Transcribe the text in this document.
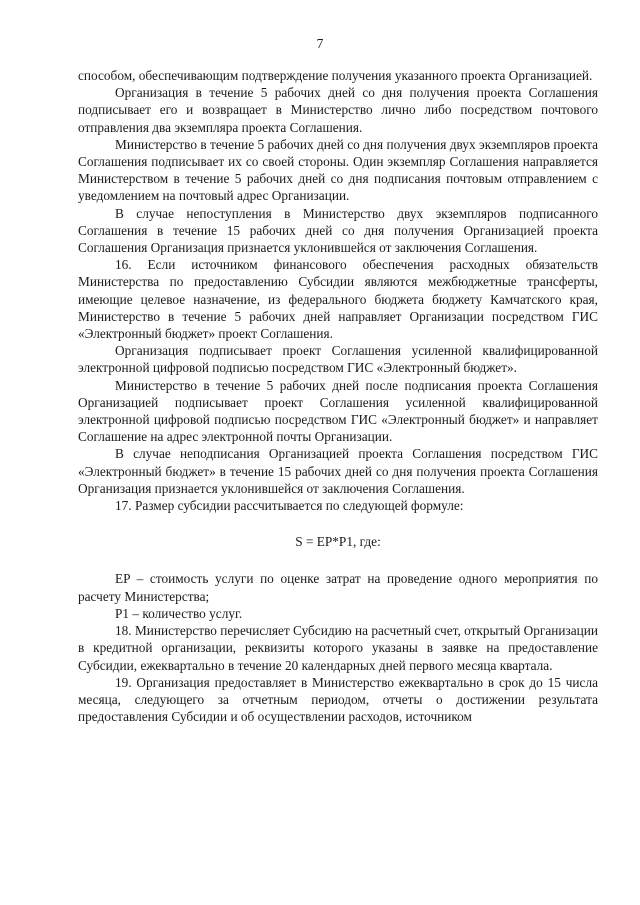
7

способом, обеспечивающим подтверждение получения указанного проекта Организацией.

Организация в течение 5 рабочих дней со дня получения проекта Соглашения подписывает его и возвращает в Министерство лично либо посредством почтового отправления два экземпляра проекта Соглашения.

Министерство в течение 5 рабочих дней со дня получения двух экземпляров проекта Соглашения подписывает их со своей стороны. Один экземпляр Соглашения направляется Министерством в течение 5 рабочих дней со дня подписания почтовым отправлением с уведомлением на почтовый адрес Организации.

В случае непоступления в Министерство двух экземпляров подписанного Соглашения в течение 15 рабочих дней со дня получения Организацией проекта Соглашения Организация признается уклонившейся от заключения Соглашения.

16. Если источником финансового обеспечения расходных обязательств Министерства по предоставлению Субсидии являются межбюджетные трансферты, имеющие целевое назначение, из федерального бюджета бюджету Камчатского края, Министерство в течение 5 рабочих дней направляет Организации посредством ГИС «Электронный бюджет» проект Соглашения.

Организация подписывает проект Соглашения усиленной квалифицированной электронной цифровой подписью посредством ГИС «Электронный бюджет».

Министерство в течение 5 рабочих дней после подписания проекта Соглашения Организацией подписывает проект Соглашения усиленной квалифицированной электронной цифровой подписью посредством ГИС «Электронный бюджет» и направляет Соглашение на адрес электронной почты Организации.

В случае неподписания Организацией проекта Соглашения посредством ГИС «Электронный бюджет» в течение 15 рабочих дней со дня получения проекта Соглашения Организация признается уклонившейся от заключения Соглашения.

17. Размер субсидии рассчитывается по следующей формуле:

S = EP*P1, где:

EP – стоимость услуги по оценке затрат на проведение одного мероприятия по расчету Министерства;

P1 – количество услуг.

18. Министерство перечисляет Субсидию на расчетный счет, открытый Организации в кредитной организации, реквизиты которого указаны в заявке на предоставление Субсидии, ежеквартально в течение 20 календарных дней первого месяца квартала.

19. Организация предоставляет в Министерство ежеквартально в срок до 15 числа месяца, следующего за отчетным периодом, отчеты о достижении результата предоставления Субсидии и об осуществлении расходов, источником
